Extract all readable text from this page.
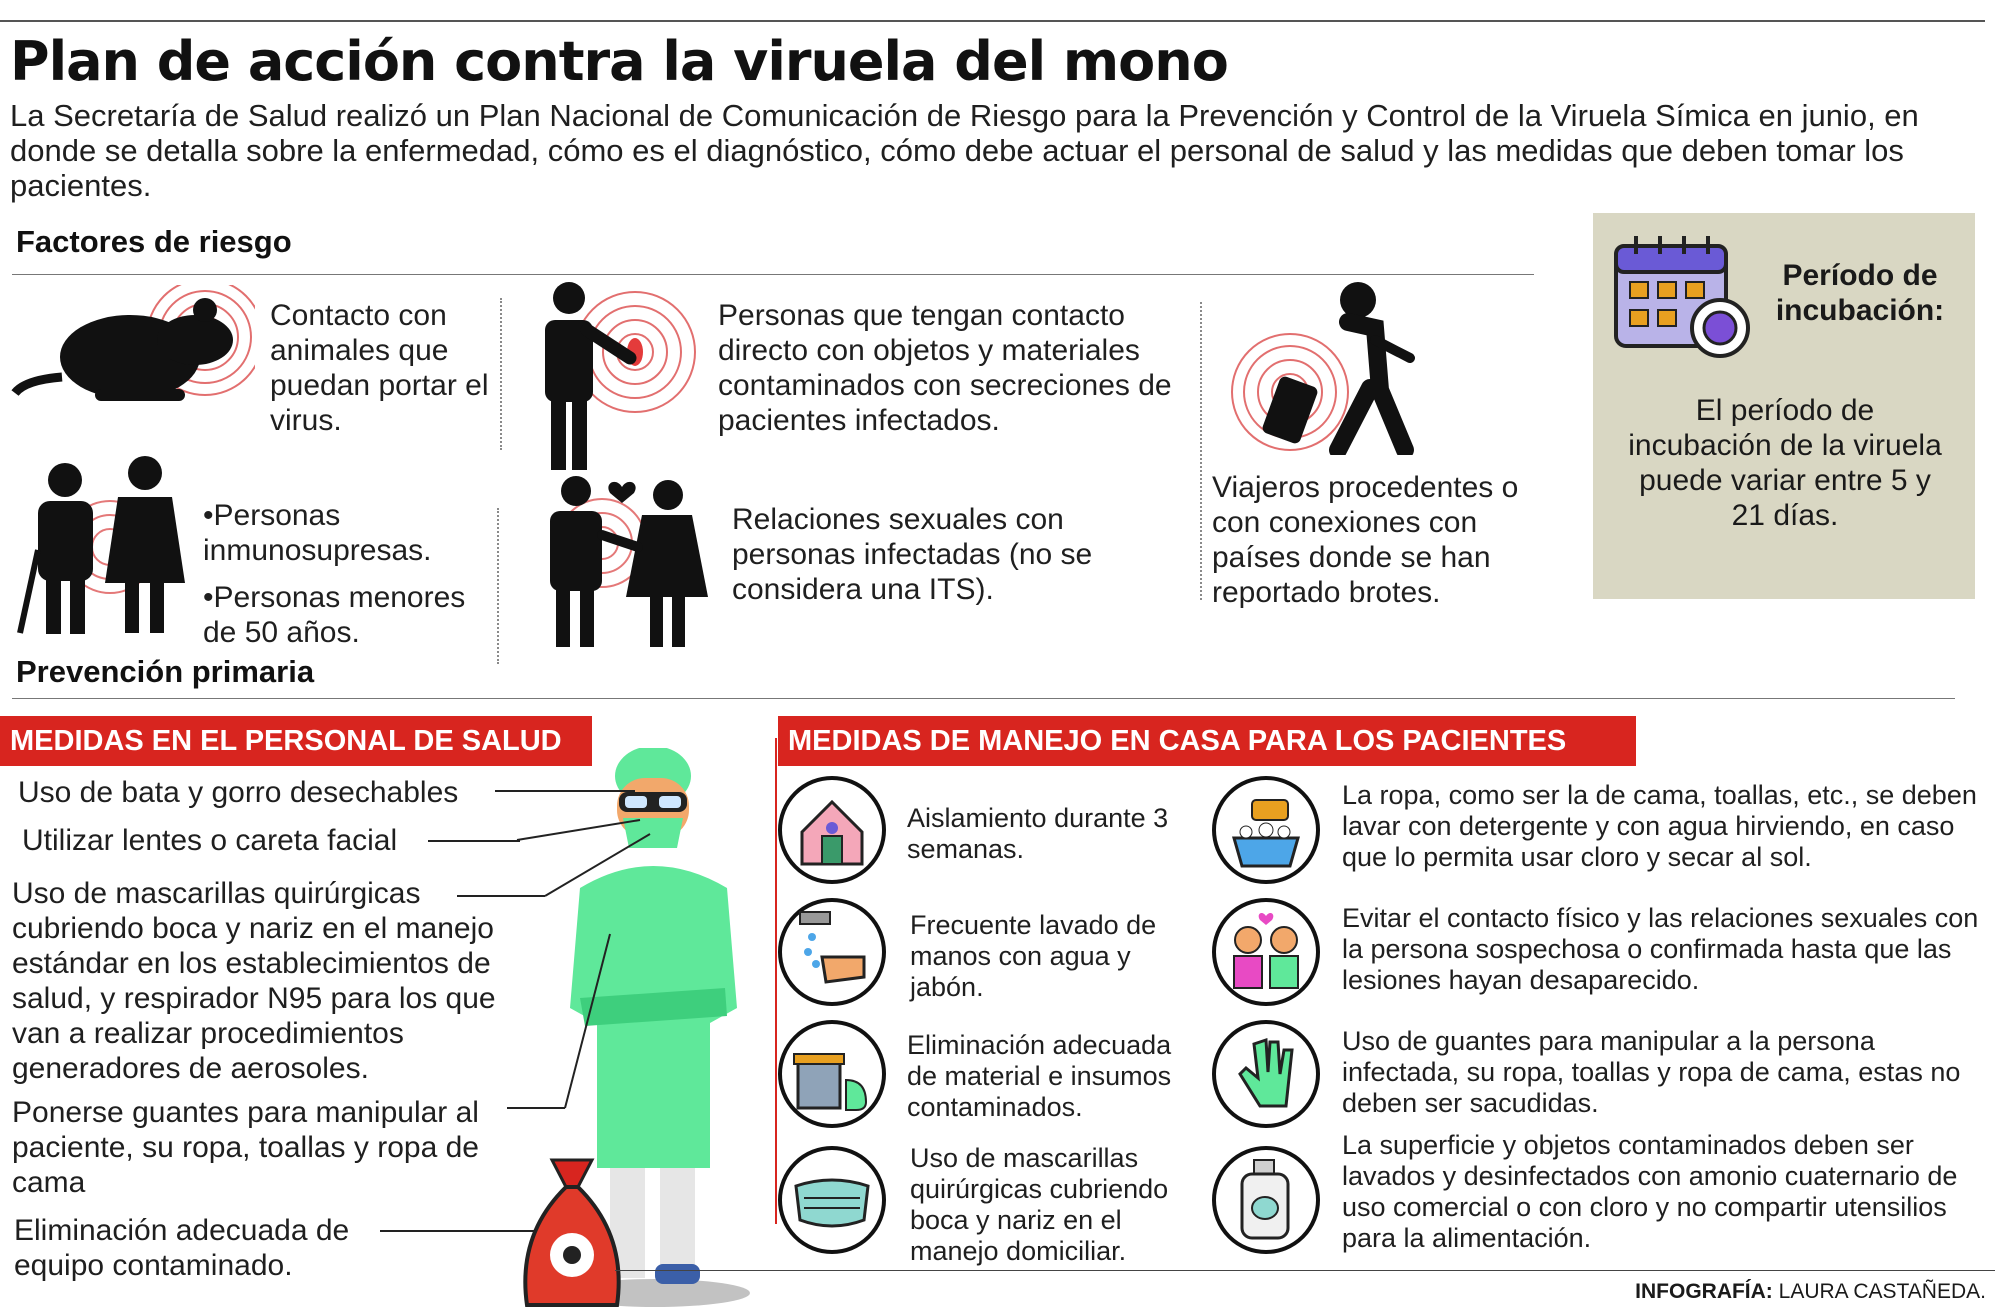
Plan de acción contra la viruela del mono
La Secretaría de Salud realizó un Plan Nacional de Comunicación de Riesgo para la Prevención y Control de la Viruela Símica en junio, en donde se detalla sobre la enfermedad, cómo es el diagnóstico, cómo debe actuar el personal de salud y las medidas que deben tomar los pacientes.
Factores de riesgo
Contacto con animales que puedan portar el virus.
Personas que tengan contacto directo con objetos y materiales contaminados con secreciones de pacientes infectados.
Viajeros procedentes o con conexiones con países donde se han reportado brotes.
•Personas inmunosupresas.
•Personas menores de 50 años.
Relaciones sexuales con personas infectadas (no se considera una ITS).
Período de incubación:
El período de incubación de la viruela puede variar entre 5 y 21 días.
Prevención primaria
MEDIDAS EN EL PERSONAL DE SALUD
Uso de bata y gorro desechables
Utilizar lentes o careta facial
Uso de mascarillas quirúrgicas cubriendo boca y nariz en el manejo estándar en los establecimientos de salud, y respirador N95 para los que van a realizar procedimientos generadores de aerosoles.
Ponerse guantes para manipular al paciente, su ropa, toallas y ropa de cama
Eliminación adecuada de equipo contaminado.
MEDIDAS DE MANEJO EN CASA PARA LOS PACIENTES
Aislamiento durante 3 semanas.
La ropa, como ser la de cama, toallas, etc., se deben lavar con detergente y con agua hirviendo, en caso que lo permita usar cloro y secar al sol.
Frecuente lavado de manos con agua y jabón.
Evitar el contacto físico y las relaciones sexuales con la persona sospechosa o confirmada hasta que las lesiones hayan desaparecido.
Eliminación adecuada de material e insumos contaminados.
Uso de guantes para manipular a la persona infectada, su ropa, toallas y ropa de cama, estas no deben ser sacudidas.
Uso de mascarillas quirúrgicas cubriendo boca y nariz en el manejo domiciliar.
La superficie y objetos contaminados deben ser lavados y desinfectados con amonio cuaternario de uso comercial o con cloro y no compartir utensilios para la alimentación.
INFOGRAFÍA: LAURA CASTAÑEDA.
